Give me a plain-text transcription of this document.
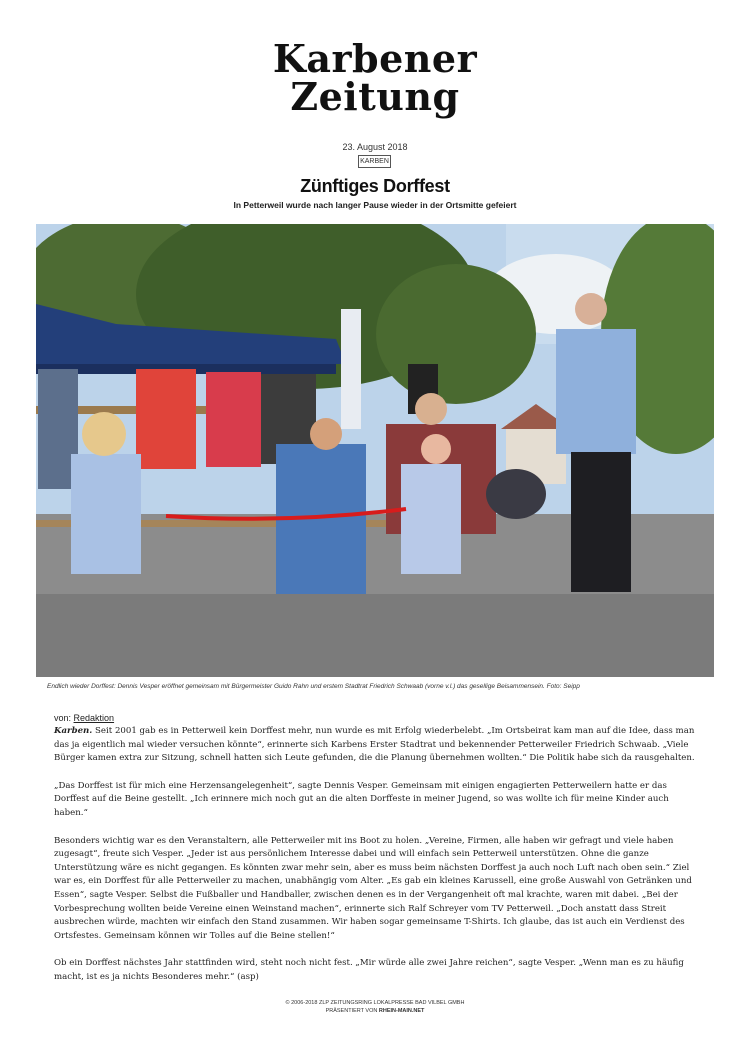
Karbener
Zeitung
23. August 2018
KARBEN
Zünftiges Dorffest
In Petterweil wurde nach langer Pause wieder in der Ortsmitte gefeiert
Endlich wieder Dorffest: Dennis Vesper eröffnet gemeinsam mit Bürgermeister Guido Rahn und erstem Stadtrat Friedrich Schwaab (vorne v.l.) das gesellige Beisammensein. Foto: Seipp
von: Redaktion

Karben. Seit 2001 gab es in Petterweil kein Dorffest mehr, nun wurde es mit Erfolg wiederbelebt. „Im Ortsbeirat kam man auf die Idee, dass man das ja eigentlich mal wieder versuchen könnte“, erinnerte sich Karbens Erster Stadtrat und bekennender Petterweiler Friedrich Schwaab. „Viele Bürger kamen extra zur Sitzung, schnell hatten sich Leute gefunden, die die Planung übernehmen wollten.“ Die Politik habe sich da rausgehalten.

„Das Dorffest ist für mich eine Herzensangelegenheit“, sagte Dennis Vesper. Gemeinsam mit einigen engagierten Petterweilern hatte er das Dorffest auf die Beine gestellt. „Ich erinnere mich noch gut an die alten Dorffeste in meiner Jugend, so was wollte ich für meine Kinder auch haben.“

Besonders wichtig war es den Veranstaltern, alle Petterweiler mit ins Boot zu holen. „Vereine, Firmen, alle haben wir gefragt und viele haben zugesagt“, freute sich Vesper. „Jeder ist aus persönlichem Interesse dabei und will einfach sein Petterweil unterstützen. Ohne die ganze Unterstützung wäre es nicht gegangen. Es könnten zwar mehr sein, aber es muss beim nächsten Dorffest ja auch noch Luft nach oben sein.“ Ziel war es, ein Dorffest für alle Petterweiler zu machen, unabhängig vom Alter. „Es gab ein kleines Karussell, eine große Auswahl von Getränken und Essen“, sagte Vesper. Selbst die Fußballer und Handballer, zwischen denen es in der Vergangenheit oft mal krachte, waren mit dabei. „Bei der Vorbesprechung wollten beide Vereine einen Weinstand machen“, erinnerte sich Ralf Schreyer vom TV Petterweil. „Doch anstatt dass Streit ausbrechen würde, machten wir einfach den Stand zusammen. Wir haben sogar gemeinsame T-Shirts. Ich glaube, das ist auch ein Verdienst des Ortsfestes. Gemeinsam können wir Tolles auf die Beine stellen!“

Ob ein Dorffest nächstes Jahr stattfinden wird, steht noch nicht fest. „Mir würde alle zwei Jahre reichen“, sagte Vesper. „Wenn man es zu häufig macht, ist es ja nichts Besonderes mehr.“ (asp)

© 2006-2018 ZLP ZEITUNGSRING LOKALPRESSE BAD VILBEL GMBH
PRÄSENTIERT VON RHEIN-MAIN.NET
